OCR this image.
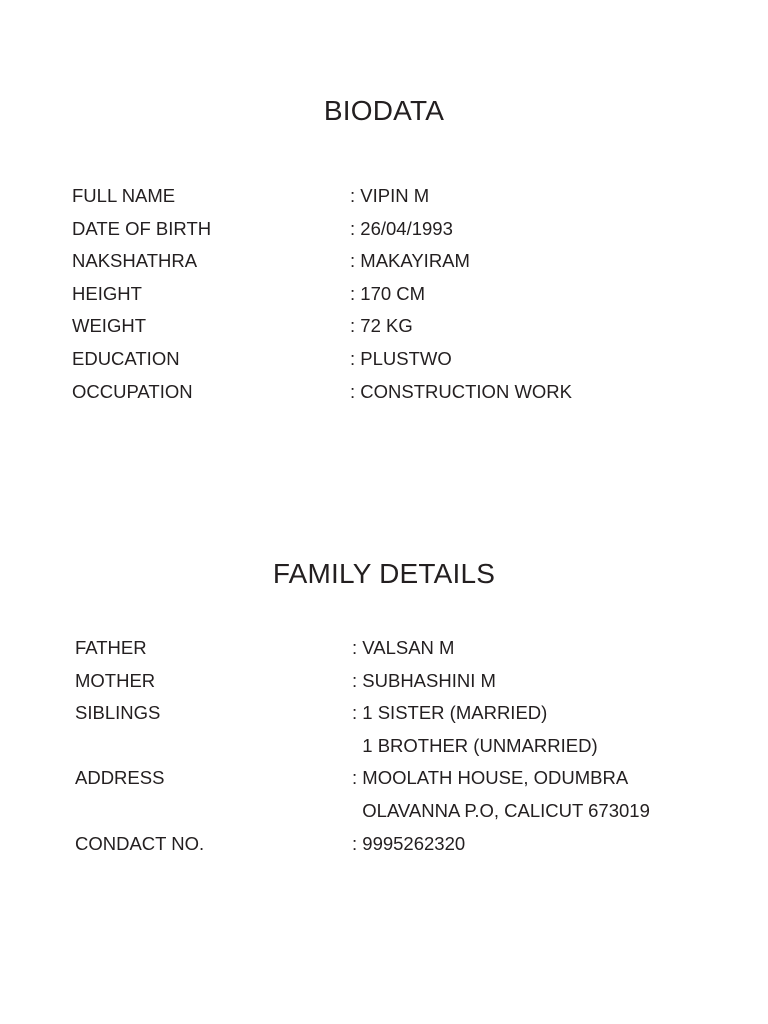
BIODATA
FULL NAME	: VIPIN M
DATE OF BIRTH	: 26/04/1993
NAKSHATHRA	: MAKAYIRAM
HEIGHT	: 170 CM
WEIGHT	: 72 KG
EDUCATION	: PLUSTWO
OCCUPATION	: CONSTRUCTION WORK
FAMILY DETAILS
FATHER	: VALSAN M
MOTHER	: SUBHASHINI M
SIBLINGS	: 1 SISTER (MARRIED)
1 BROTHER (UNMARRIED)
ADDRESS	: MOOLATH HOUSE, ODUMBRA
OLAVANNA P.O, CALICUT 673019
CONDACT NO.	: 9995262320
